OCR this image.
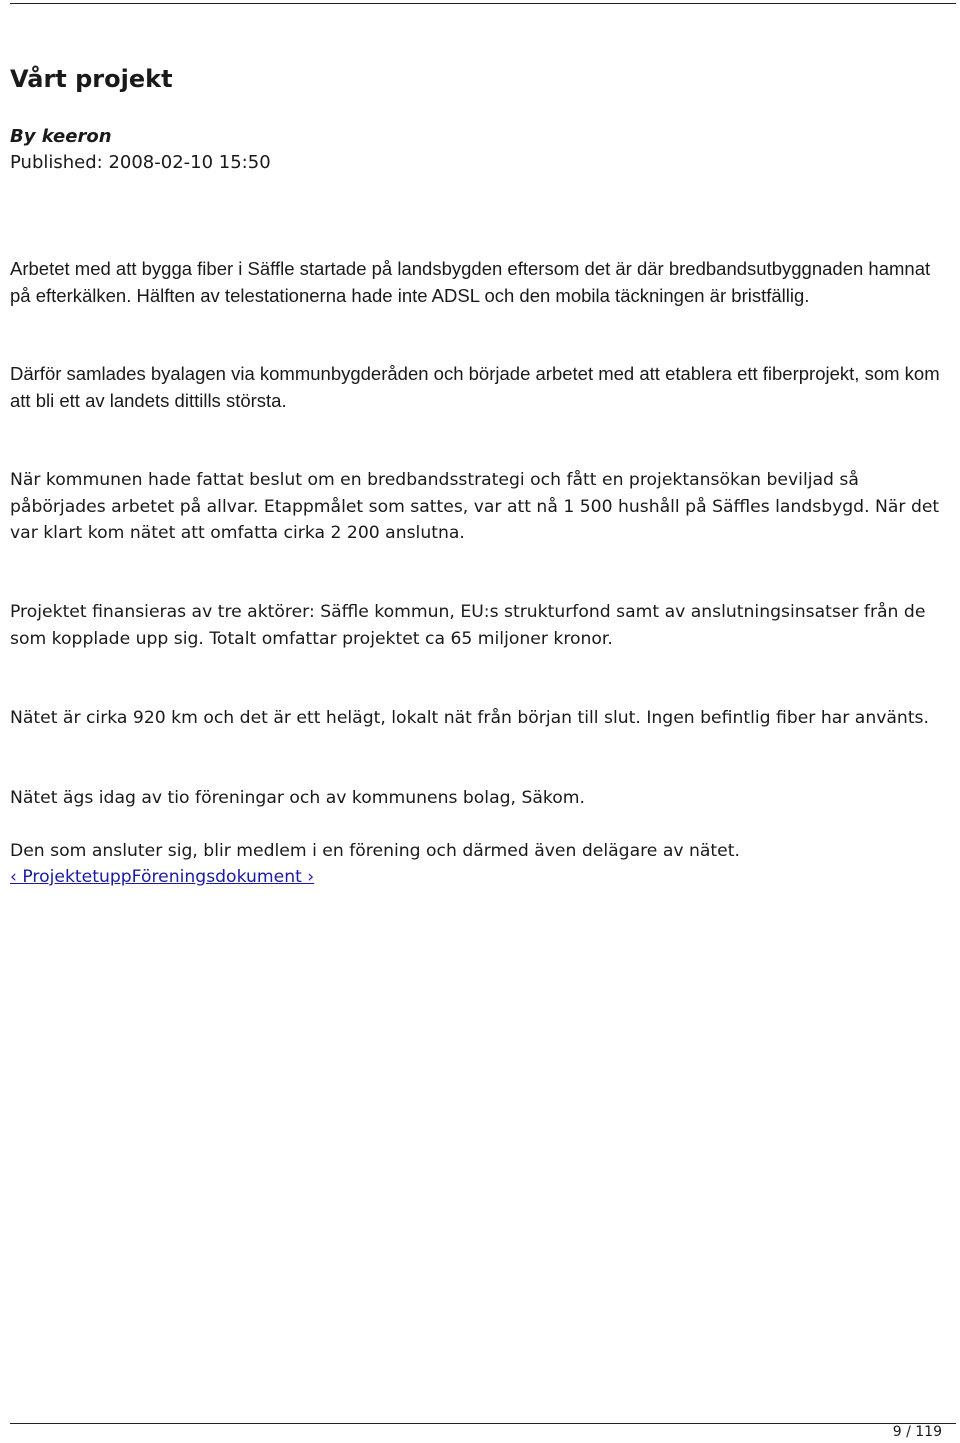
Vårt projekt
By keeron
Published: 2008-02-10 15:50

Arbetet med att bygga fiber i Säffle startade på landsbygden eftersom det är där bredbandsutbyggnaden hamnat på efterkälken. Hälften av telestationerna hade inte ADSL och den mobila täckningen är bristfällig.

Därför samlades byalagen via kommunbygderåden och började arbetet med att etablera ett fiberprojekt, som kom att bli ett av landets dittills största.

När kommunen hade fattat beslut om en bredbandsstrategi och fått en projektansökan beviljad så påbörjades arbetet på allvar. Etappmålet som sattes, var att nå 1 500 hushåll på Säffles landsbygd. När det var klart kom nätet att omfatta cirka 2 200 anslutna.

Projektet finansieras av tre aktörer: Säffle kommun, EU:s strukturfond samt av anslutningsinsatser från de som kopplade upp sig. Totalt omfattar projektet ca 65 miljoner kronor.

Nätet är cirka 920 km och det är ett helägt, lokalt nät från början till slut. Ingen befintlig fiber har använts.

Nätet ägs idag av tio föreningar och av kommunens bolag, Säkom.

Den som ansluter sig, blir medlem i en förening och därmed även delägare av nätet.

‹ ProjektetuppFöreningsdokument ›
9 / 119
